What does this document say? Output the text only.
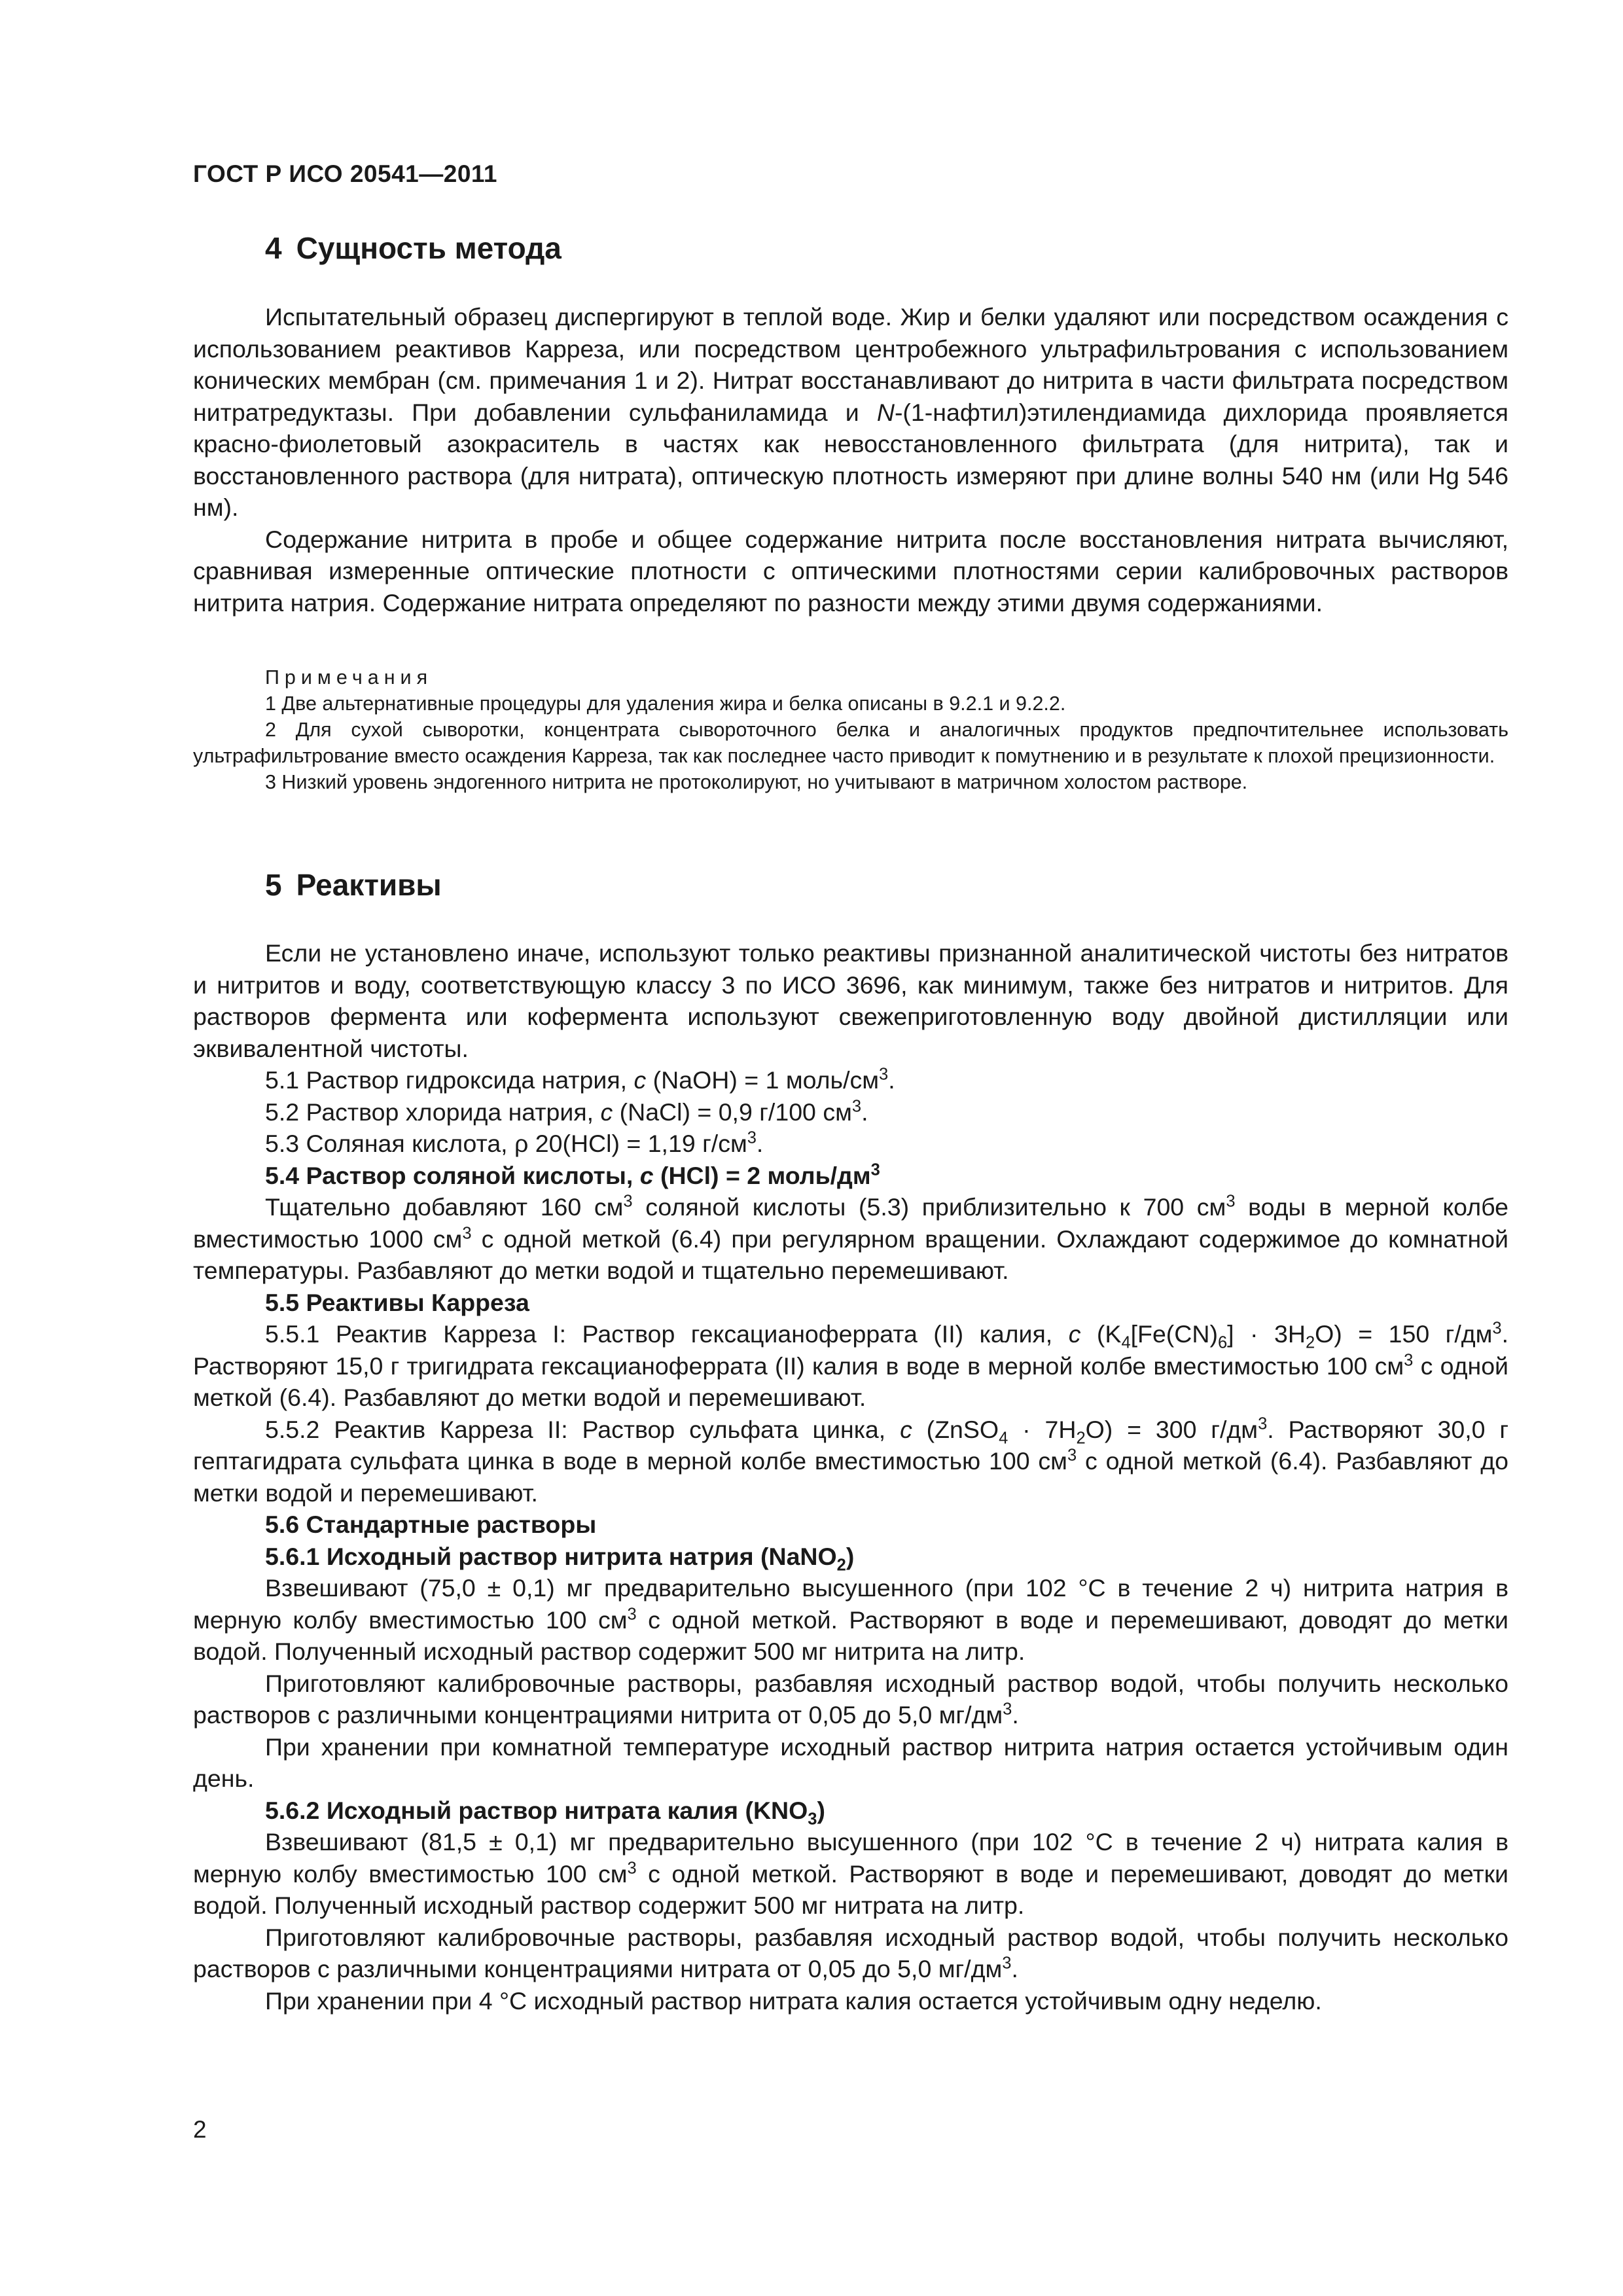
ГОСТ Р ИСО 20541—2011
4 Сущность метода

Испытательный образец диспергируют в теплой воде. Жир и белки удаляют или посредством осаждения с использованием реактивов Карреза, или посредством центробежного ультрафильтрования с использованием конических мембран (см. примечания 1 и 2). Нитрат восстанавливают до нитрита в части фильтрата посредством нитратредуктазы. При добавлении сульфаниламида и N-(1-нафтил)этилендиамида дихлорида проявляется красно-фиолетовый азокраситель в частях как невосстановленного фильтрата (для нитрита), так и восстановленного раствора (для нитрата), оптическую плотность измеряют при длине волны 540 нм (или Hg 546 нм).

Содержание нитрита в пробе и общее содержание нитрита после восстановления нитрата вычисляют, сравнивая измеренные оптические плотности с оптическими плотностями серии калибровочных растворов нитрита натрия. Содержание нитрата определяют по разности между этими двумя содержаниями.

Примечания

1 Две альтернативные процедуры для удаления жира и белка описаны в 9.2.1 и 9.2.2.

2 Для сухой сыворотки, концентрата сывороточного белка и аналогичных продуктов предпочтительнее использовать ультрафильтрование вместо осаждения Карреза, так как последнее часто приводит к помутнению и в результате к плохой прецизионности.

3 Низкий уровень эндогенного нитрита не протоколируют, но учитывают в матричном холостом растворе.

5 Реактивы

Если не установлено иначе, используют только реактивы признанной аналитической чистоты без нитратов и нитритов и воду, соответствующую классу 3 по ИСО 3696, как минимум, также без нитратов и нитритов. Для растворов фермента или кофермента используют свежеприготовленную воду двойной дистилляции или эквивалентной чистоты.

5.1 Раствор гидроксида натрия, c (NaOH) = 1 моль/$см^3$.

5.2 Раствор хлорида натрия, c (NaCl) = 0,9 г/100 $см^3$.

5.3 Соляная кислота, ρ 20(HCl) = 1,19 $г/см^3$.

5.4 Раствор соляной кислоты, c (HCl) = 2 моль/$дм^3$

Тщательно добавляют 160 $см^3$ соляной кислоты (5.3) приблизительно к 700 $см^3$ воды в мерной колбе вместимостью 1000 $см^3$ с одной меткой (6.4) при регулярном вращении. Охлаждают содержимое до комнатной температуры. Разбавляют до метки водой и тщательно перемешивают.

5.5 Реактивы Карреза

5.5.1 Реактив Карреза I: Раствор гексацианоферрата (II) калия, c $(K_4[Fe(CN)_6] \cdot 3H_2O) = 150$ $г/дм^3$. Растворяют 15,0 г тригидрата гексацианоферрата (II) калия в воде в мерной колбе вместимостью 100 $см^3$ с одной меткой (6.4). Разбавляют до метки водой и перемешивают.

5.5.2 Реактив Карреза II: Раствор сульфата цинка, c (ZnSO$_4$ · $7H_2O) = 300$ $г/дм^3$. Растворяют 30,0 г гептагидрата сульфата цинка в воде в мерной колбе вместимостью 100 $см^3$ с одной меткой (6.4). Разбавляют до метки водой и перемешивают.

5.6 Стандартные растворы

5.6.1 Исходный раствор нитрита натрия (NaNO$_2$)

Взвешивают (75,0 ± 0,1) мг предварительно высушенного (при 102 °C в течение 2 ч) нитрита натрия в мерную колбу вместимостью 100 $см^3$ с одной меткой. Растворяют в воде и перемешивают, доводят до метки водой. Полученный исходный раствор содержит 500 мг нитрита на литр.

Приготовляют калибровочные растворы, разбавляя исходный раствор водой, чтобы получить несколько растворов с различными концентрациями нитрита от 0,05 до 5,0 $мг/дм^3$.

При хранении при комнатной температуре исходный раствор нитрита натрия остается устойчивым один день.

5.6.2 Исходный раствор нитрата калия $(KNO_3)$

Взвешивают (81,5 ± 0,1) мг предварительно высушенного (при 102 °C в течение 2 ч) нитрата калия в мерную колбу вместимостью 100 $см^3$ с одной меткой. Растворяют в воде и перемешивают, доводят до метки водой. Полученный исходный раствор содержит 500 мг нитрата на литр.

Приготовляют калибровочные растворы, разбавляя исходный раствор водой, чтобы получить несколько растворов с различными концентрациями нитрата от 0,05 до 5,0 $мг/дм^3$.

При хранении при 4 °C исходный раствор нитрата калия остается устойчивым одну неделю.

2
